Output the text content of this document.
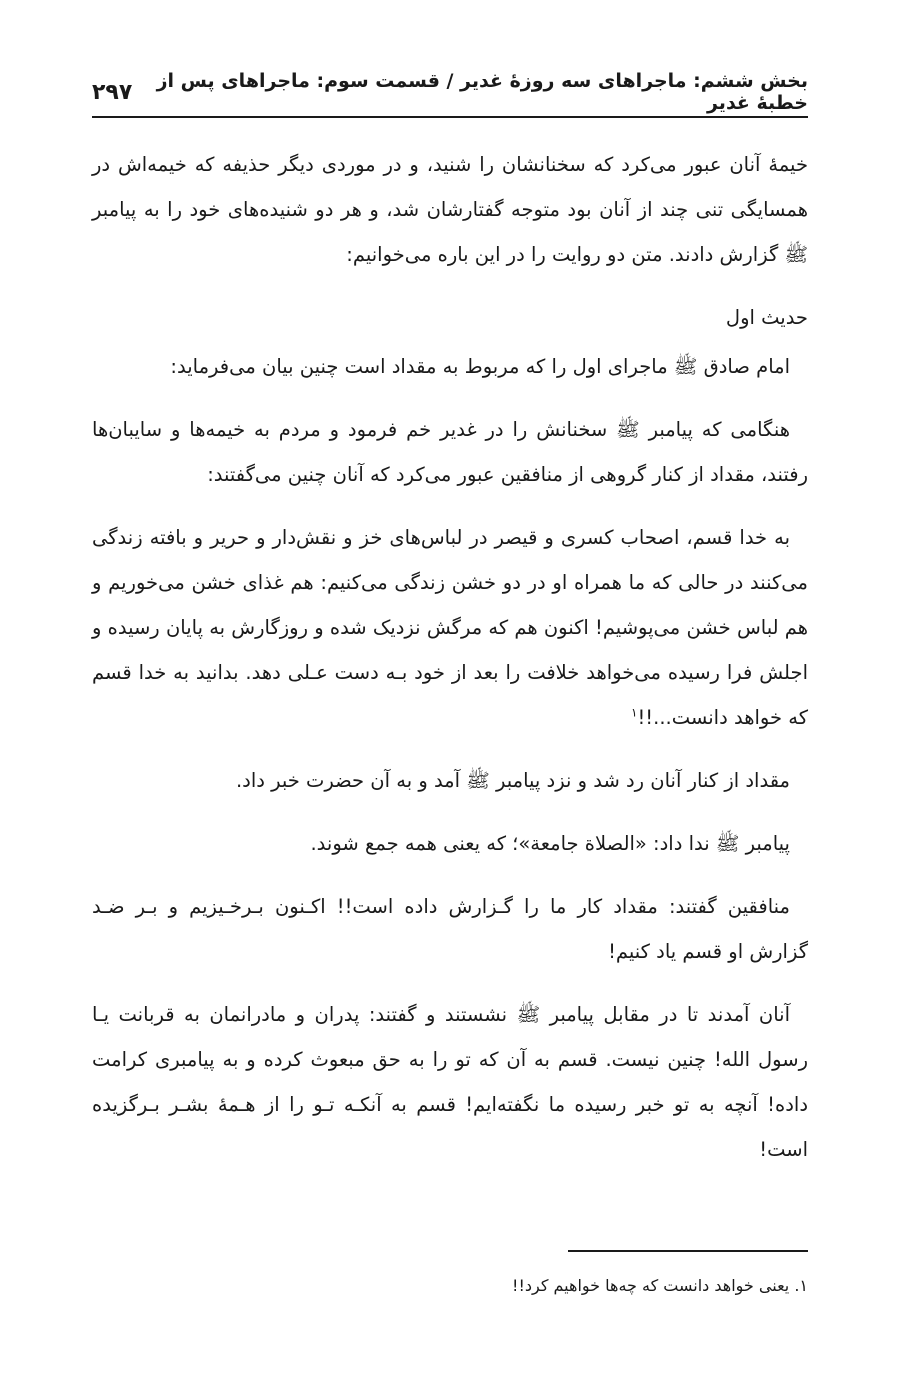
بخش ششم: ماجراهای سه روزهٔ غدیر / قسمت سوم: ماجراهای پس از خطبهٔ غدیر
۲۹۷

خیمهٔ آنان عبور می‌کرد که سخنانشان را شنید، و در موردی دیگر حذیفه که خیمه‌اش در همسایگی تنی چند از آنان بود متوجه گفتارشان شد، و هر دو شنیده‌های خود را به پیامبر ﷺ گزارش دادند. متن دو روایت را در این باره می‌خوانیم:

حدیث اول

امام صادق ﷺ ماجرای اول را که مربوط به مقداد است چنین بیان می‌فرماید:

هنگامی که پیامبر ﷺ سخنانش را در غدیر خم فرمود و مردم به خیمه‌ها و سایبان‌ها رفتند، مقداد از کنار گروهی از منافقین عبور می‌کرد که آنان چنین می‌گفتند:

به خدا قسم، اصحاب کسری و قیصر در لباس‌های خز و نقش‌دار و حریر و بافته زندگی می‌کنند در حالی که ما همراه او در دو خشن زندگی می‌کنیم: هم غذای خشن می‌خوریم و هم لباس خشن می‌پوشیم! اکنون هم که مرگش نزدیک شده و روزگارش به پایان رسیده و اجلش فرا رسیده می‌خواهد خلافت را بعد از خود بـه دست عـلی دهد. بدانید به خدا قسم که خواهد دانست...!!$^۱$

مقداد از کنار آنان رد شد و نزد پیامبر ﷺ آمد و به آن حضرت خبر داد.

پیامبر ﷺ ندا داد: «الصلاة جامعة»؛ که یعنی همه جمع شوند.

منافقین گفتند: مقداد کار ما را گـزارش داده است!! اکـنون بـرخـیزیم و بـر ضـد گزارش او قسم یاد کنیم!

آنان آمدند تا در مقابل پیامبر ﷺ نشستند و گفتند: پدران و مادرانمان به قربانت یـا رسول الله! چنین نیست. قسم به آن که تو را به حق مبعوث کرده و به پیامبری کرامت داده! آنچه به تو خبر رسیده ما نگفته‌ایم! قسم به آنکـه تـو را از هـمهٔ بشـر بـرگزیده است!

۱. یعنی خواهد دانست که چه‌ها خواهیم کرد!!
